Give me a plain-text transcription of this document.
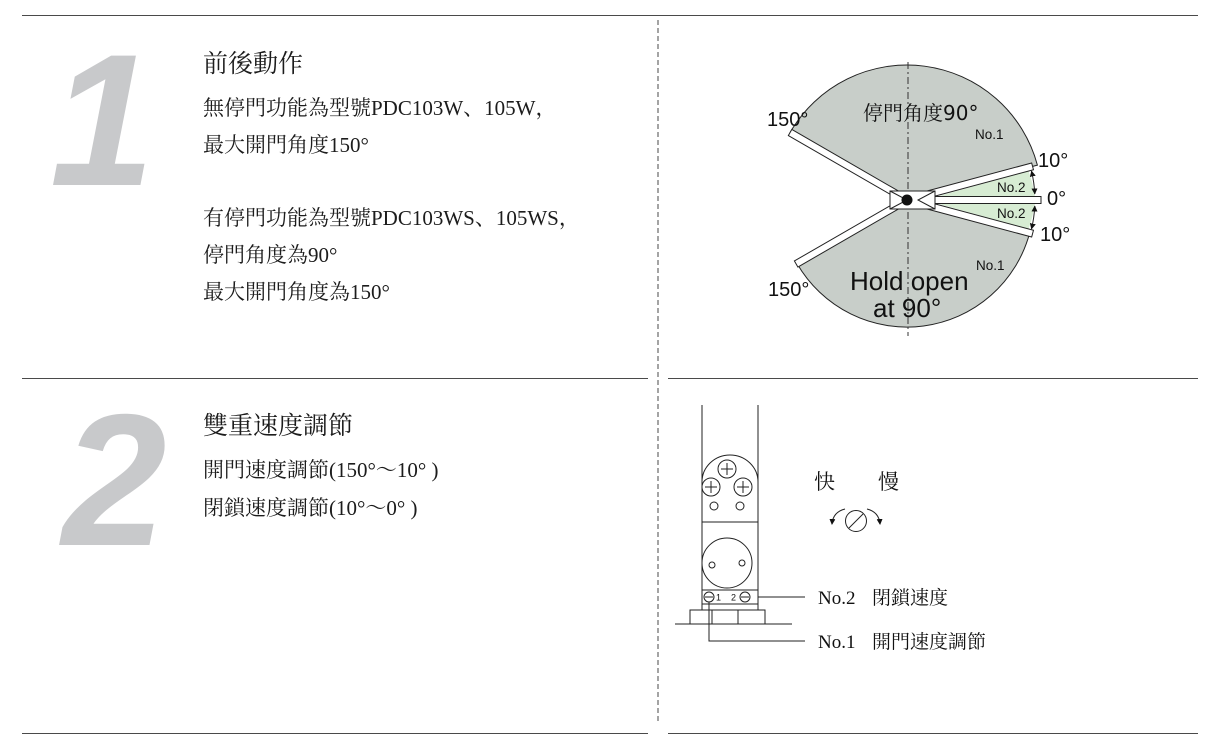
1 前後動作

無停門功能為型號PDC103W、105W，
最大開門角度150°

有停門功能為型號PDC103WS、105WS，
停門角度為90°
最大開門角度為150°

150°	停門角度90°
No.1
10°
No.2
0°
No.2
10°
No.1
150° Hold open
at 90°
2 雙重速度調節

開門速度調節(150°～10° )
閉鎖速度調節(10°～0° )

1 2	No.2 閉鎖速度
No.1 開門速度調節
快 慢
